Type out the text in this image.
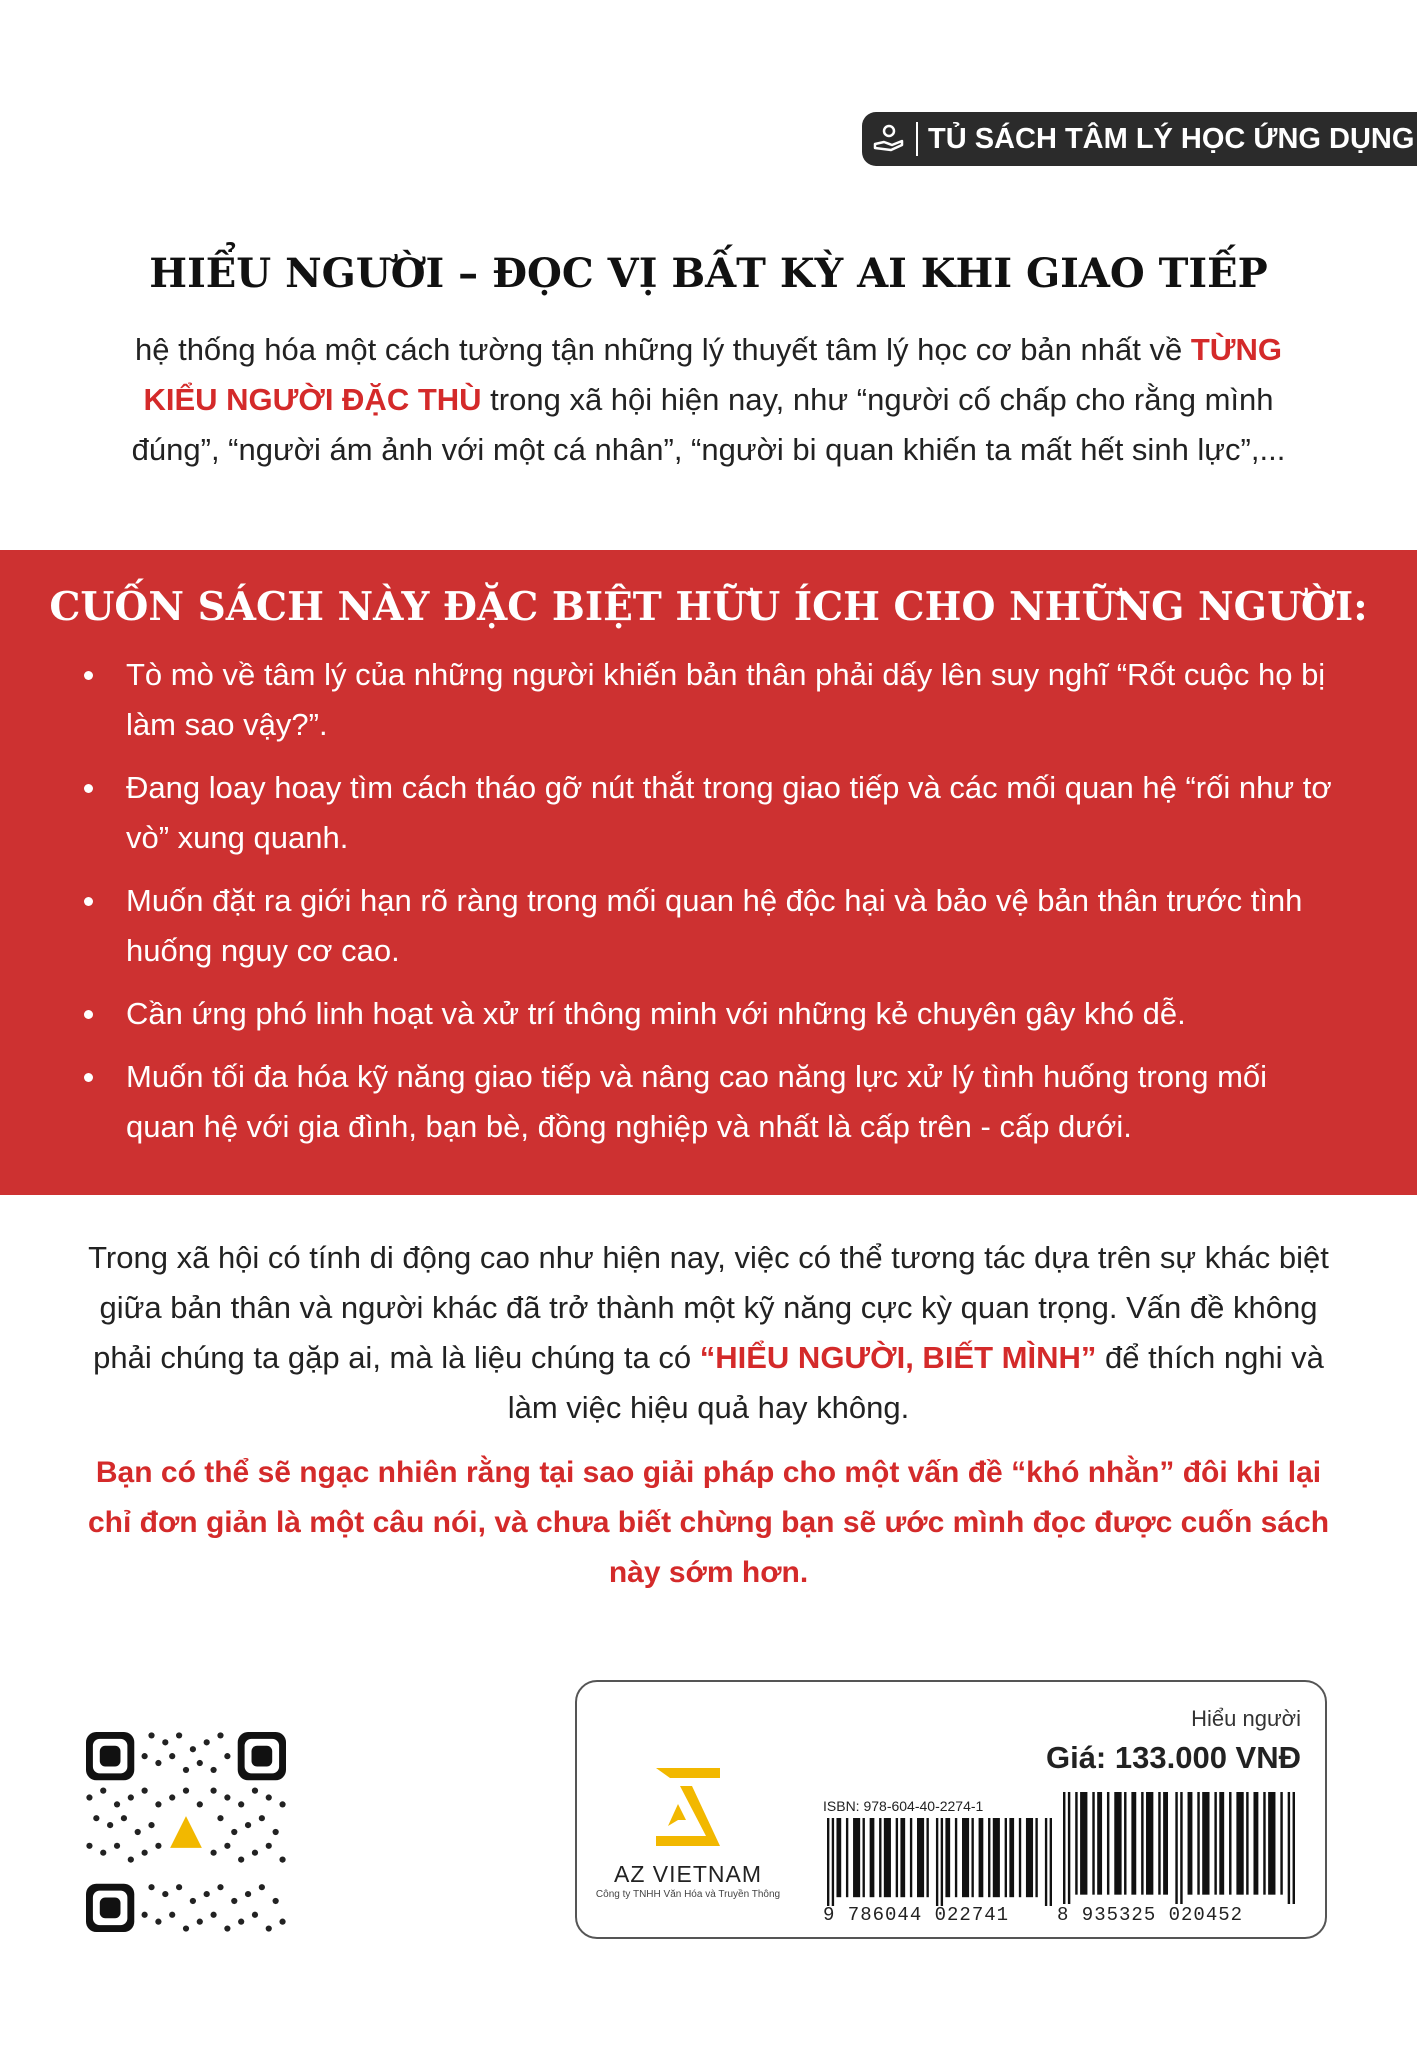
TỦ SÁCH TÂM LÝ HỌC ỨNG DỤNG
HIỂU NGƯỜI – ĐỌC VỊ BẤT KỲ AI KHI GIAO TIẾP
hệ thống hóa một cách tường tận những lý thuyết tâm lý học cơ bản nhất về TỪNG KIỂU NGƯỜI ĐẶC THÙ trong xã hội hiện nay, như “người cố chấp cho rằng mình đúng”, “người ám ảnh với một cá nhân”, “người bi quan khiến ta mất hết sinh lực”,...
CUỐN SÁCH NÀY ĐẶC BIỆT HỮU ÍCH CHO NHỮNG NGƯỜI:
Tò mò về tâm lý của những người khiến bản thân phải dấy lên suy nghĩ “Rốt cuộc họ bị làm sao vậy?”.
Đang loay hoay tìm cách tháo gỡ nút thắt trong giao tiếp và các mối quan hệ “rối như tơ vò” xung quanh.
Muốn đặt ra giới hạn rõ ràng trong mối quan hệ độc hại và bảo vệ bản thân trước tình huống nguy cơ cao.
Cần ứng phó linh hoạt và xử trí thông minh với những kẻ chuyên gây khó dễ.
Muốn tối đa hóa kỹ năng giao tiếp và nâng cao năng lực xử lý tình huống trong mối quan hệ với gia đình, bạn bè, đồng nghiệp và nhất là cấp trên - cấp dưới.
Trong xã hội có tính di động cao như hiện nay, việc có thể tương tác dựa trên sự khác biệt giữa bản thân và người khác đã trở thành một kỹ năng cực kỳ quan trọng. Vấn đề không phải chúng ta gặp ai, mà là liệu chúng ta có “HIỂU NGƯỜI, BIẾT MÌNH” để thích nghi và làm việc hiệu quả hay không.
Bạn có thể sẽ ngạc nhiên rằng tại sao giải pháp cho một vấn đề “khó nhằn” đôi khi lại chỉ đơn giản là một câu nói, và chưa biết chừng bạn sẽ ước mình đọc được cuốn sách này sớm hơn.
Hiểu người
Giá: 133.000 VNĐ
AZ VIETNAM
Công ty TNHH Văn Hóa và Truyền Thông
ISBN: 978-604-40-2274-1
9 786044 022741	8 935325 020452
